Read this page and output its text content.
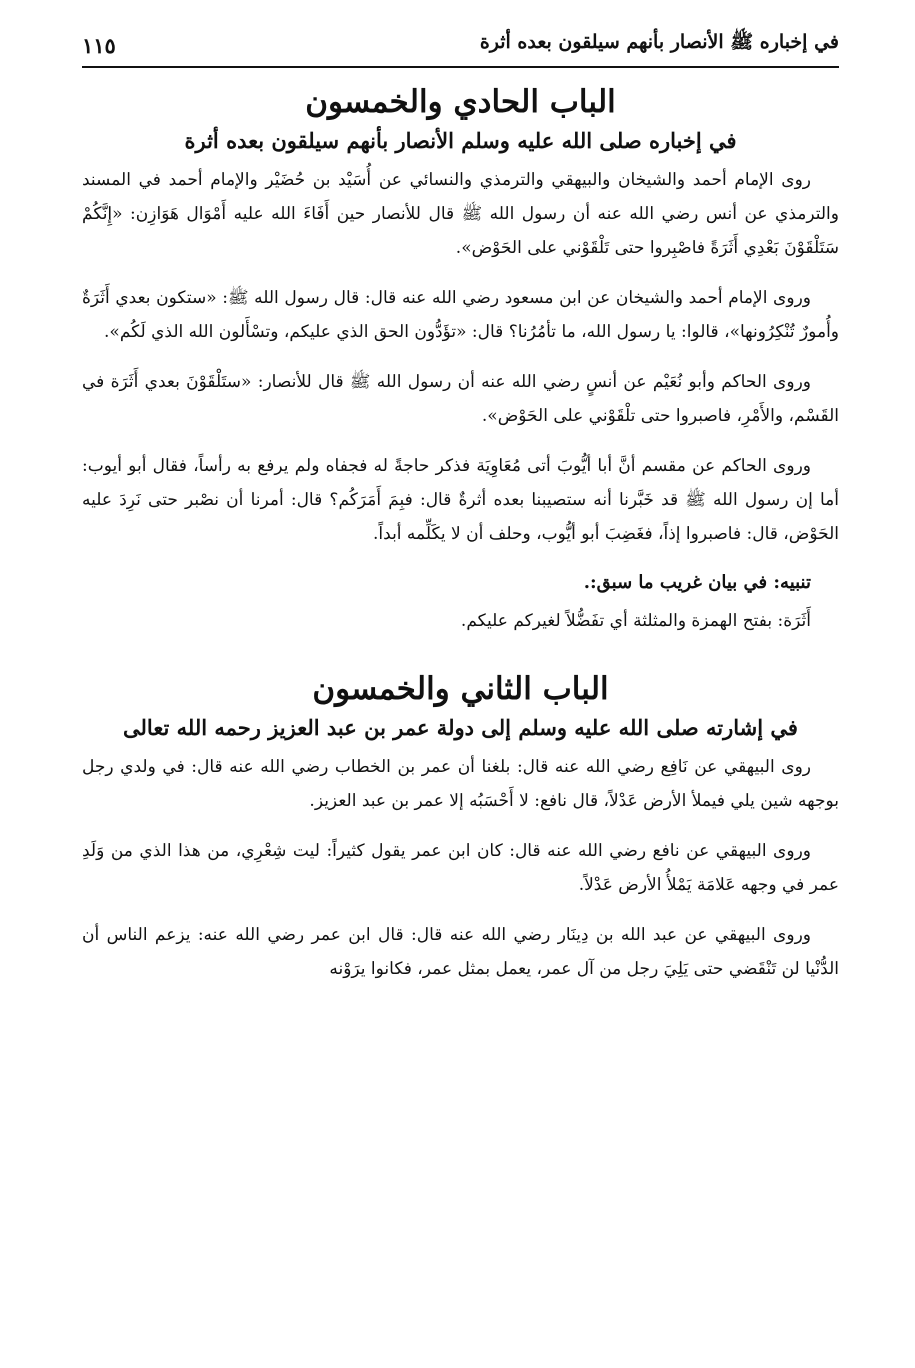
في إخباره ﷺ الأنصار بأنهم سيلقون بعده أثرة
١١٥
الباب الحادي والخمسون
في إخباره صلى الله عليه وسلم الأنصار بأنهم سيلقون بعده أثرة

روى الإمام أحمد والشيخان والبيهقي والترمذي والنسائي عن أُسَيْد بن حُضَيْر والإمام أحمد في المسند والترمذي عن أنس رضي الله عنه أن رسول الله ﷺ قال للأنصار حين أَفَاءَ الله عليه أَمْوَال هَوَازِن: «إِنَّكُمْ سَتَلْقَوْنَ بَعْدِي أَثَرَةً فاصْبِروا حتى تَلْقَوْني على الحَوْض».

وروى الإمام أحمد والشيخان عن ابن مسعود رضي الله عنه قال: قال رسول الله ﷺ: «ستكون بعدي أَثَرَةٌ وأُمورٌ تُنْكِرُونها»، قالوا: يا رسول الله، ما تأمُرُنا؟ قال: «تؤَدُّون الحق الذي عليكم، وتسْأَلون الله الذي لَكُم».

وروى الحاكم وأبو نُعَيْم عن أنسٍ رضي الله عنه أن رسول الله ﷺ قال للأنصار: «ستَلْقَوْنَ بعدي أَثَرَة في القَسْم، والأَمْرِ، فاصبروا حتى تلْقَوْني على الحَوْض».

وروى الحاكم عن مقسم أنَّ أبا أيُّوبَ أتى مُعَاوِيَة فذكر حاجةً له فجفاه ولم يرفع به رأساً، فقال أبو أيوب: أما إن رسول الله ﷺ قد خَبَّرنا أنه ستصيبنا بعده أثرةٌ قال: فبِمَ أَمَرَكُم؟ قال: أمرنا أن نصْبر حتى نَرِدَ عليه الحَوْض، قال: فاصبروا إذاً، فغَضِبَ أبو أيُّوب، وحلف أن لا يكَلِّمه أبداً.

تنبيه: في بيان غريب ما سبق:.
أَثَرَة: بفتح الهمزة والمثلثة أي تفَضُّلاً لغيركم عليكم.
الباب الثاني والخمسون
في إشارته صلى الله عليه وسلم إلى دولة عمر بن عبد العزيز رحمه الله تعالى

روى البيهقي عن نَافِع رضي الله عنه قال: بلغنا أن عمر بن الخطاب رضي الله عنه قال: في ولدي رجل بوجهه شين يلي فيملأ الأرض عَدْلاً، قال نافع: لا أَحْسَبُه إلا عمر بن عبد العزيز.

وروى البيهقي عن نافع رضي الله عنه قال: كان ابن عمر يقول كثيراً: ليت شِعْرِي، من هذا الذي من وَلَدِ عمر في وجهه عَلامَة يَمْلأُ الأرض عَدْلاً.

وروى البيهقي عن عبد الله بن دِينَار رضي الله عنه قال: قال ابن عمر رضي الله عنه: يزعم الناس أن الدُّنْيا لن تَنْقَضي حتى يَلِيَ رجل من آل عمر، يعمل بمثل عمر، فكانوا يرَوْنه
